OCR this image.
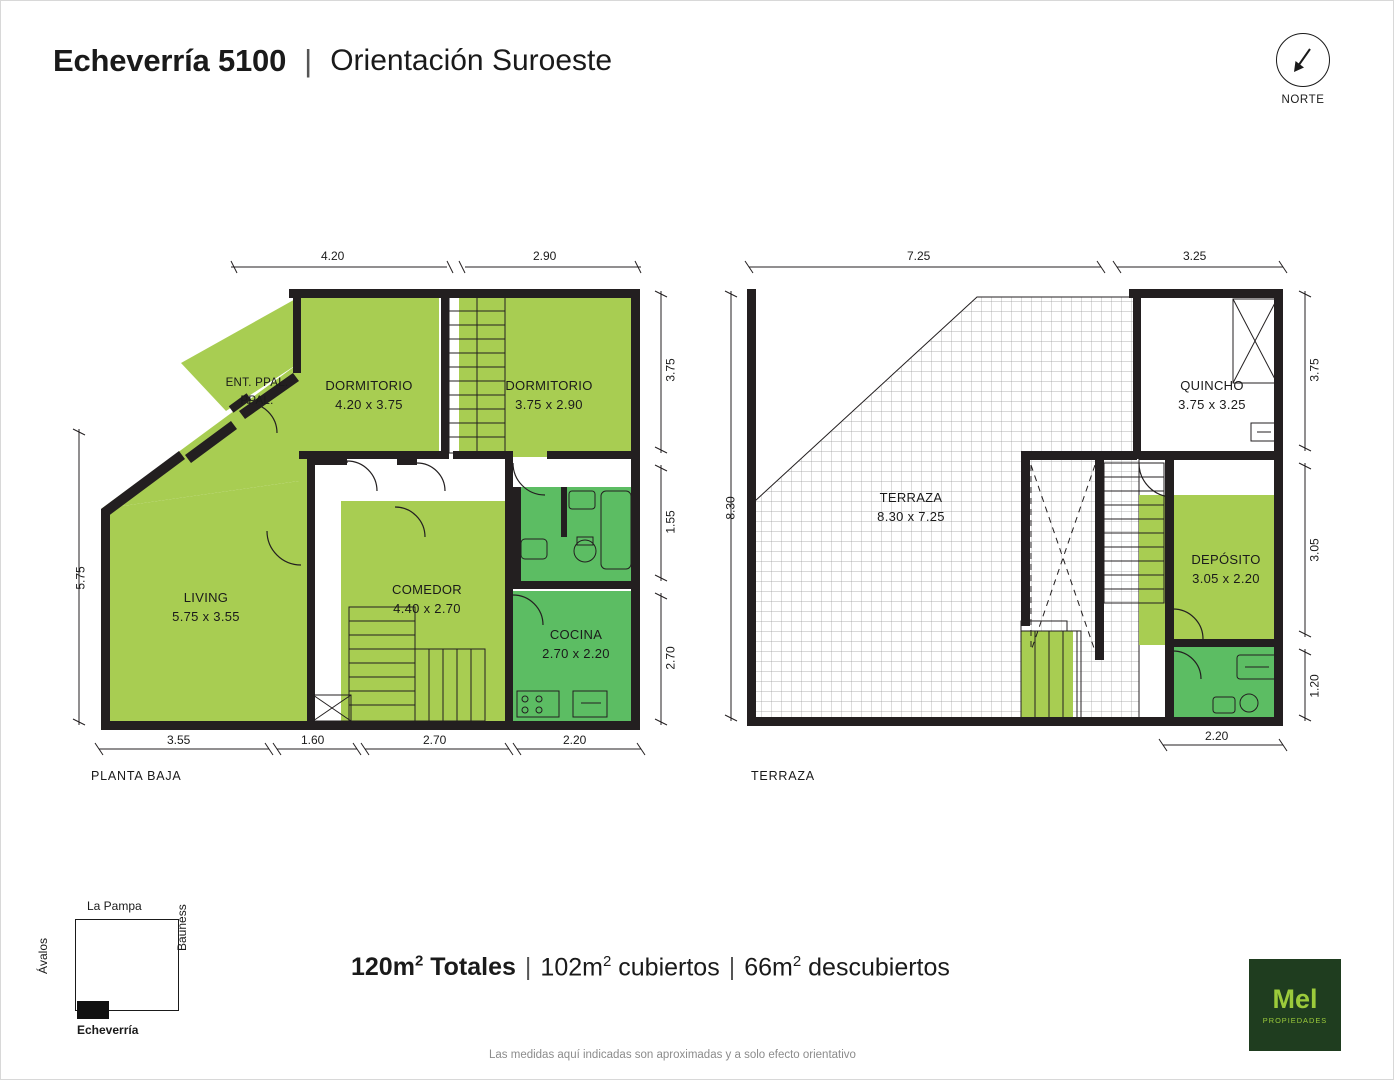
Echeverría 5100 | Orientación Suroeste
NORTE
ENT. PPAL.	DORMITORIO
4.20 x 3.75
DORMITORIO
3.75 x 2.90
LIVING
5.75 x 3.55
COMEDOR
4.40 x 2.70
COCINA
2.70 x 2.20
PPAL.
4.20	2.90
3.75
1.55
2.70
5.75
3.55	1.60	2.70	2.20
PLANTA BAJA
QUINCHO
3.75 x 3.25
TERRAZA
8.30 x 7.25
DEPÓSITO
3.05 x 2.20
7.25	3.25
3.75
3.05
1.20
8.30
2.20
TERRAZA
La Pampa
Echeverría
Ávalos
Bauness
$120m^2$ Totales | $102m^2$ cubiertos | $66m^2$ descubiertos
Las medidas aquí indicadas son aproximadas y a solo efecto orientativo
Mel
PROPIEDADES
